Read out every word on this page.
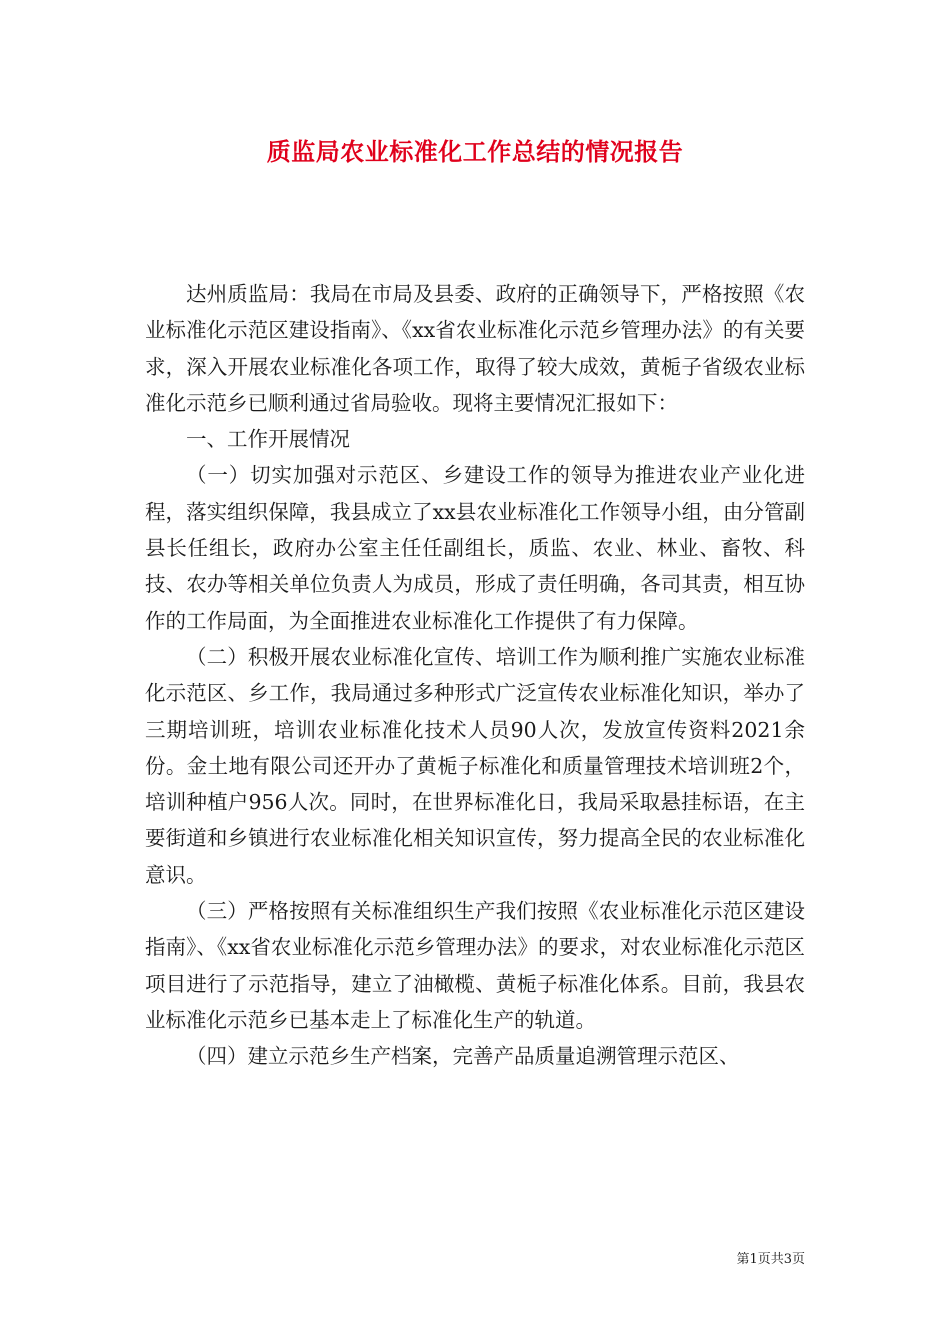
质监局农业标准化工作总结的情况报告

达州质监局：我局在市局及县委、政府的正确领导下，严格按照《农业标准化示范区建设指南》、《xx省农业标准化示范乡管理办法》的有关要求，深入开展农业标准化各项工作，取得了较大成效，黄栀子省级农业标准化示范乡已顺利通过省局验收。现将主要情况汇报如下：

一、工作开展情况

（一）切实加强对示范区、乡建设工作的领导为推进农业产业化进程，落实组织保障，我县成立了xx县农业标准化工作领导小组，由分管副县长任组长，政府办公室主任任副组长，质监、农业、林业、畜牧、科技、农办等相关单位负责人为成员，形成了责任明确，各司其责，相互协作的工作局面，为全面推进农业标准化工作提供了有力保障。

（二）积极开展农业标准化宣传、培训工作为顺利推广实施农业标准化示范区、乡工作，我局通过多种形式广泛宣传农业标准化知识，举办了三期培训班，培训农业标准化技术人员90人次，发放宣传资料2021余份。金土地有限公司还开办了黄栀子标准化和质量管理技术培训班2个，培训种植户956人次。同时，在世界标准化日，我局采取悬挂标语，在主要街道和乡镇进行农业标准化相关知识宣传，努力提高全民的农业标准化意识。

（三）严格按照有关标准组织生产我们按照《农业标准化示范区建设指南》、《xx省农业标准化示范乡管理办法》的要求，对农业标准化示范区项目进行了示范指导，建立了油橄榄、黄栀子标准化体系。目前，我县农业标准化示范乡已基本走上了标准化生产的轨道。

（四）建立示范乡生产档案，完善产品质量追溯管理示范区、

第1页共3页
